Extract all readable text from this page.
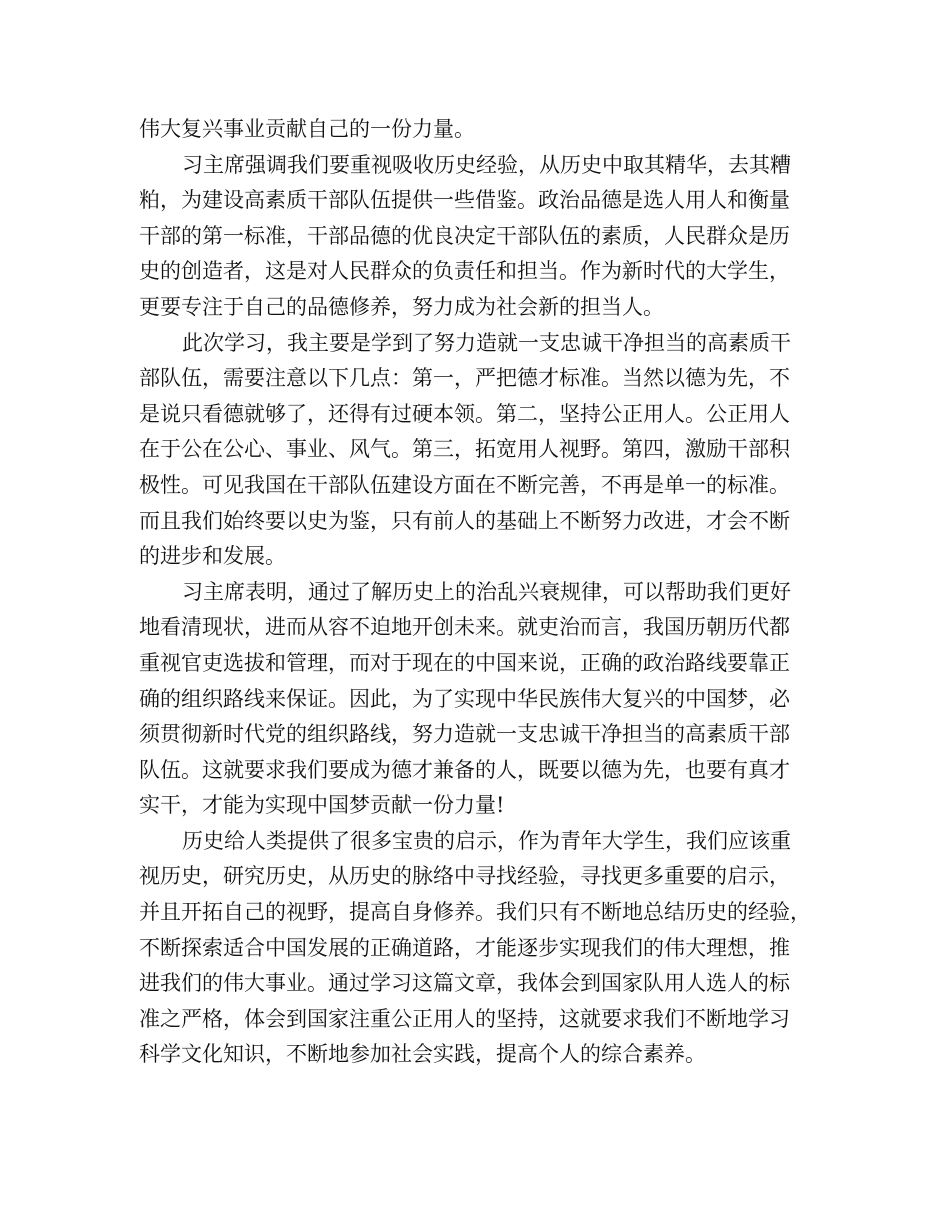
伟大复兴事业贡献自己的一份力量。
习主席强调我们要重视吸收历史经验，从历史中取其精华，去其糟
粕，为建设高素质干部队伍提供一些借鉴。政治品德是选人用人和衡量
干部的第一标准，干部品德的优良决定干部队伍的素质，人民群众是历
史的创造者，这是对人民群众的负责任和担当。作为新时代的大学生，
更要专注于自己的品德修养，努力成为社会新的担当人。
此次学习，我主要是学到了努力造就一支忠诚干净担当的高素质干
部队伍，需要注意以下几点：第一，严把德才标准。当然以德为先，不
是说只看德就够了，还得有过硬本领。第二，坚持公正用人。公正用人
在于公在公心、事业、风气。第三，拓宽用人视野。第四，激励干部积
极性。可见我国在干部队伍建设方面在不断完善，不再是单一的标准。
而且我们始终要以史为鉴，只有前人的基础上不断努力改进，才会不断
的进步和发展。
习主席表明，通过了解历史上的治乱兴衰规律，可以帮助我们更好
地看清现状，进而从容不迫地开创未来。就吏治而言，我国历朝历代都
重视官吏选拔和管理，而对于现在的中国来说，正确的政治路线要靠正
确的组织路线来保证。因此，为了实现中华民族伟大复兴的中国梦，必
须贯彻新时代党的组织路线，努力造就一支忠诚干净担当的高素质干部
队伍。这就要求我们要成为德才兼备的人，既要以德为先，也要有真才
实干，才能为实现中国梦贡献一份力量!
历史给人类提供了很多宝贵的启示，作为青年大学生，我们应该重
视历史，研究历史，从历史的脉络中寻找经验，寻找更多重要的启示，
并且开拓自己的视野，提高自身修养。我们只有不断地总结历史的经验，
不断探索适合中国发展的正确道路，才能逐步实现我们的伟大理想，推
进我们的伟大事业。通过学习这篇文章，我体会到国家队用人选人的标
准之严格，体会到国家注重公正用人的坚持，这就要求我们不断地学习
科学文化知识，不断地参加社会实践，提高个人的综合素养。
